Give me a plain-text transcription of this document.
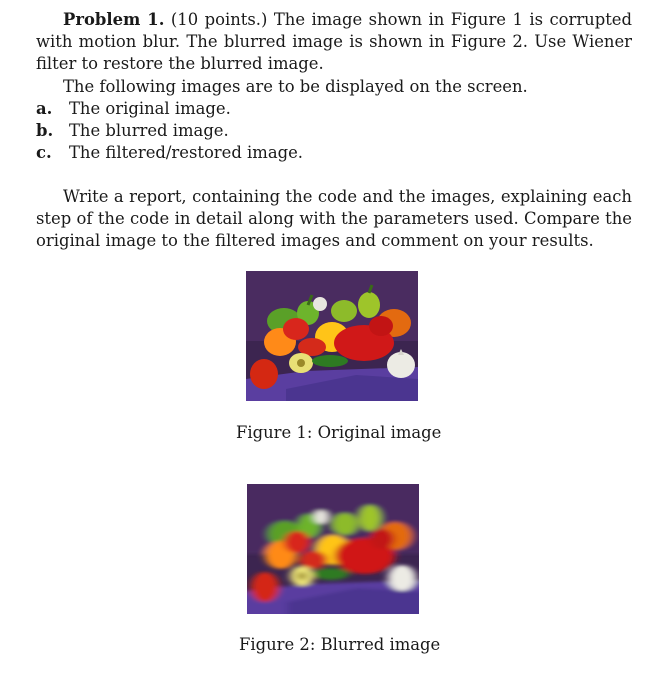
Problem 1. (10 points.) The image shown in Figure 1 is corrupted with motion blur. The blurred image is shown in Figure 2. Use Wiener filter to restore the blurred image.
The following images are to be displayed on the screen.
a. The original image.
b. The blurred image.
c. The filtered/restored image.
Write a report, containing the code and the images, explaining each step of the code in detail along with the parameters used. Compare the original image to the filtered images and comment on your results.
Figure 1: Original image
Figure 2: Blurred image
